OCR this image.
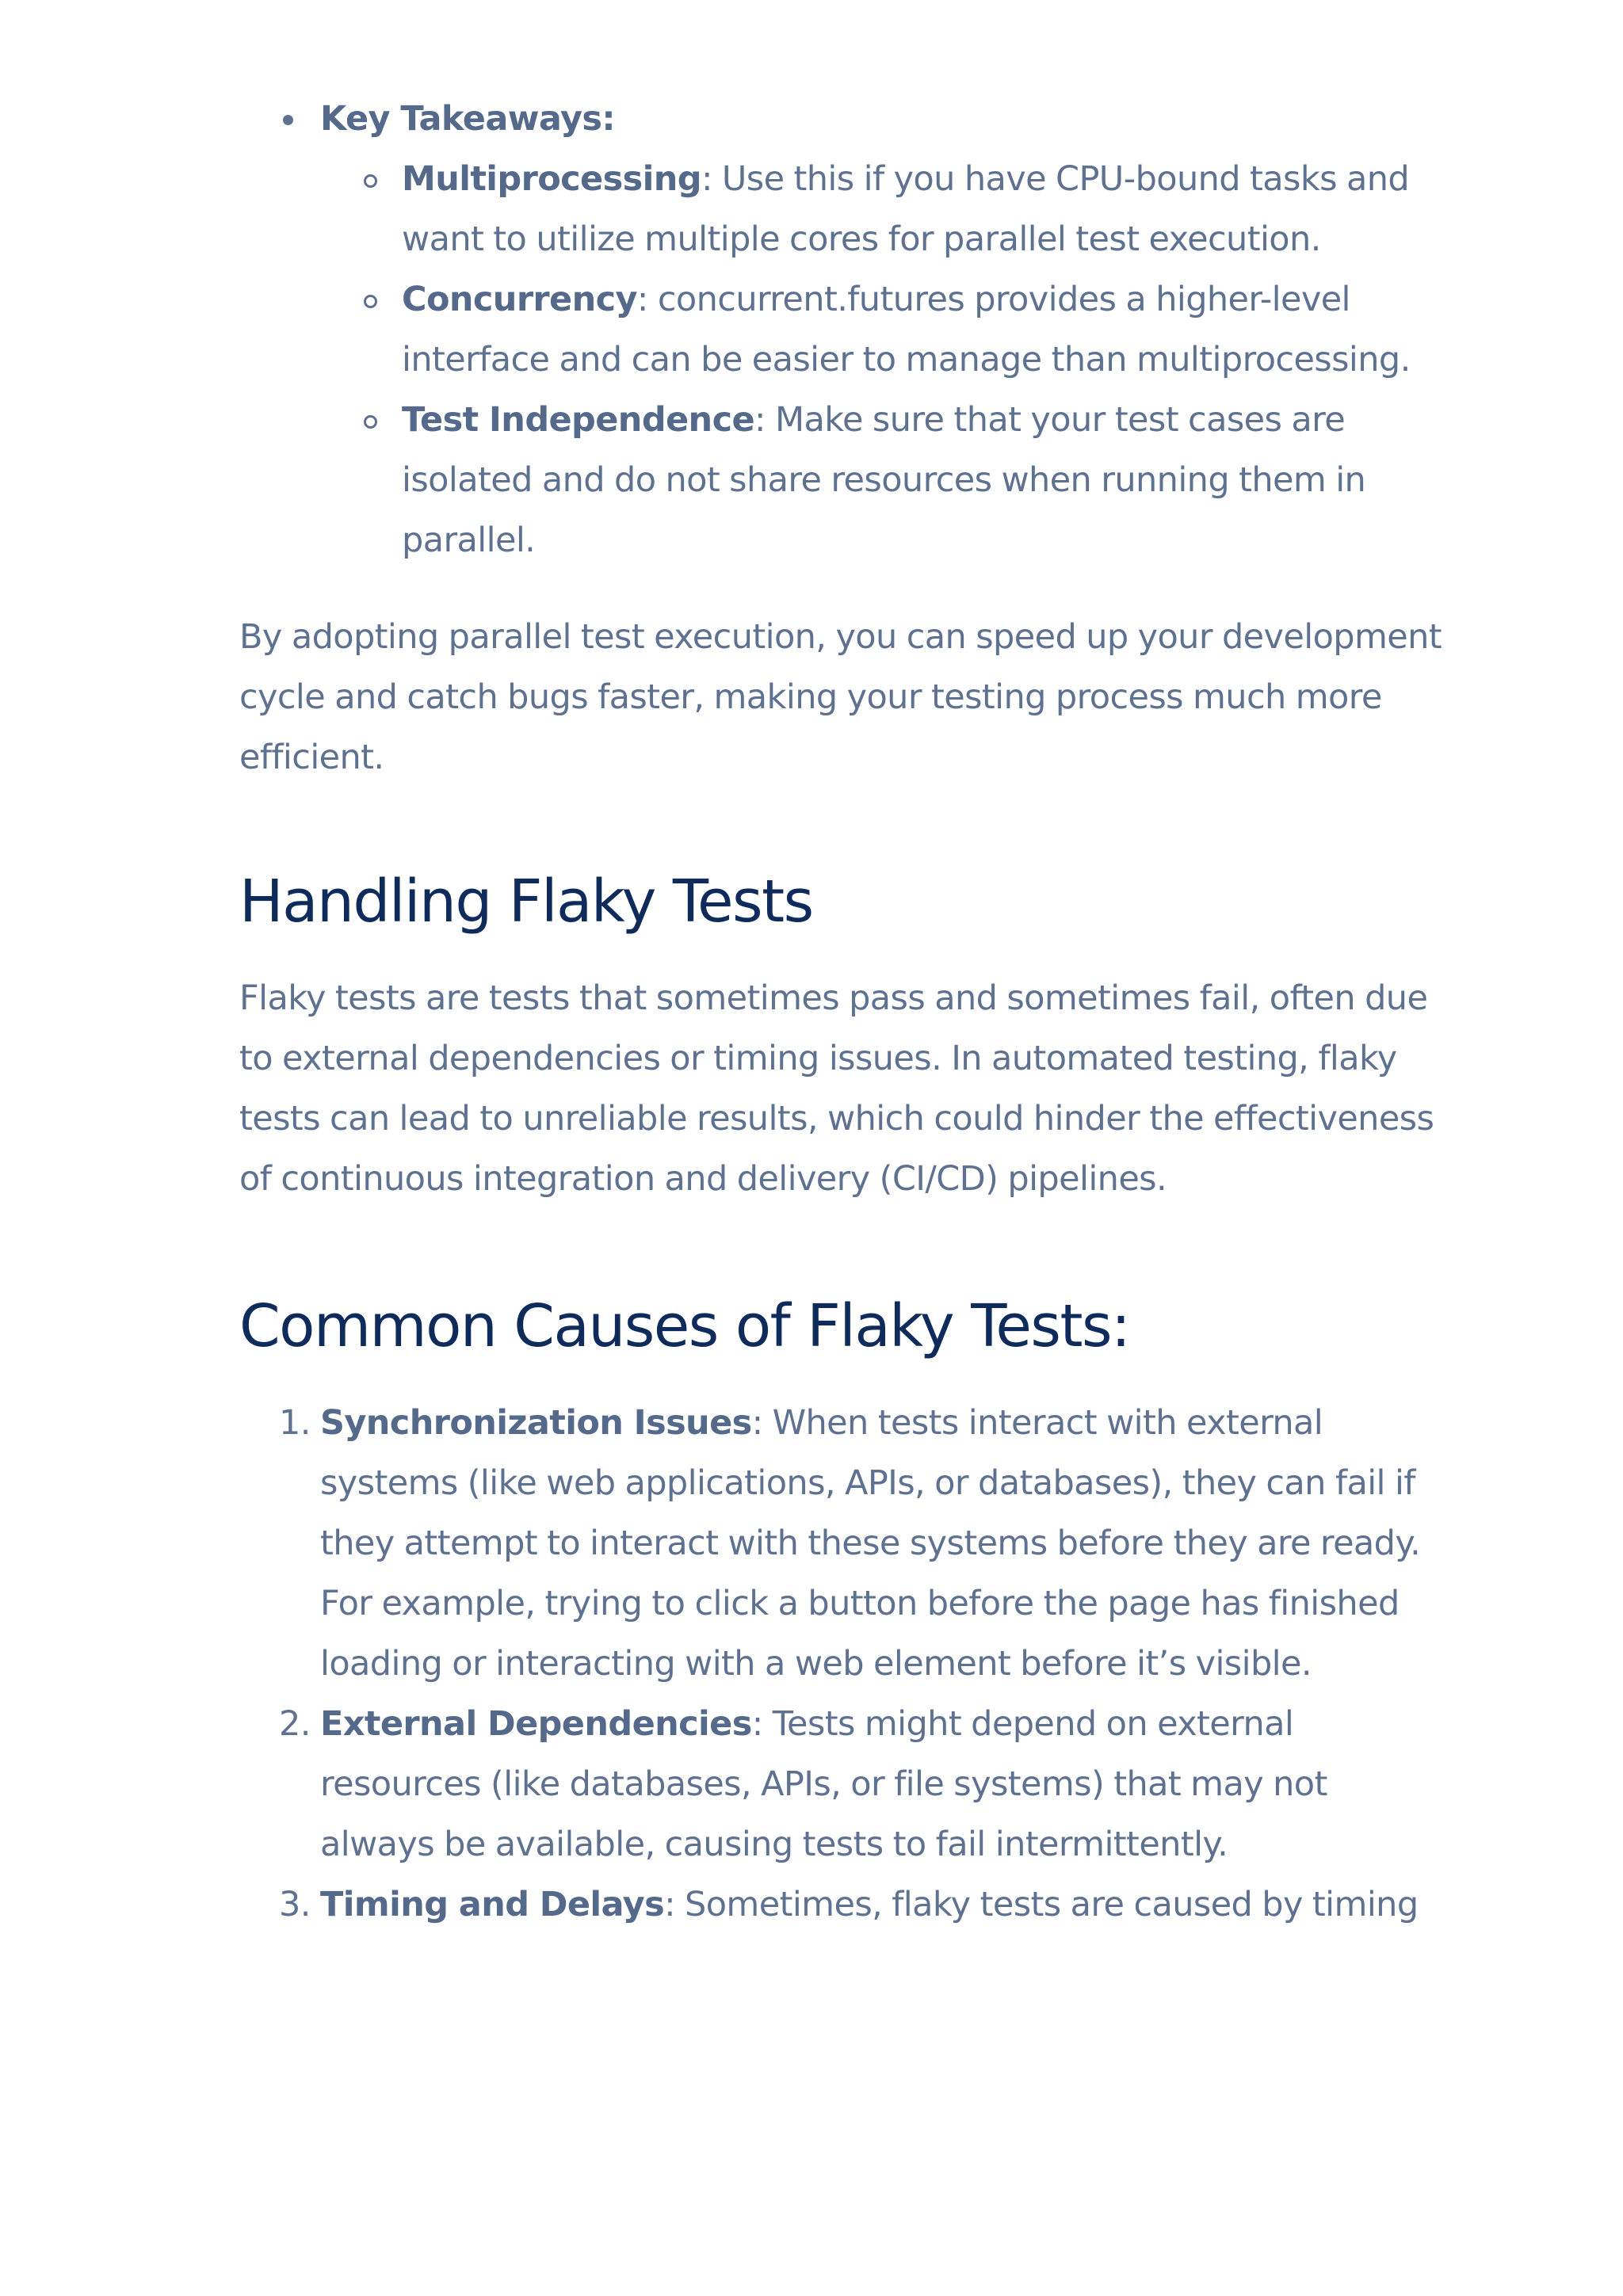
Key Takeaways:
Multiprocessing: Use this if you have CPU-bound tasks and want to utilize multiple cores for parallel test execution.
Concurrency: concurrent.futures provides a higher-level interface and can be easier to manage than multiprocessing.
Test Independence: Make sure that your test cases are isolated and do not share resources when running them in parallel.

By adopting parallel test execution, you can speed up your development cycle and catch bugs faster, making your testing process much more efficient.

Handling Flaky Tests

Flaky tests are tests that sometimes pass and sometimes fail, often due to external dependencies or timing issues. In automated testing, flaky tests can lead to unreliable results, which could hinder the effectiveness of continuous integration and delivery (CI/CD) pipelines.

Common Causes of Flaky Tests:
1. Synchronization Issues: When tests interact with external systems (like web applications, APIs, or databases), they can fail if they attempt to interact with these systems before they are ready. For example, trying to click a button before the page has finished loading or interacting with a web element before it’s visible.
2. External Dependencies: Tests might depend on external resources (like databases, APIs, or file systems) that may not always be available, causing tests to fail intermittently.
3. Timing and Delays: Sometimes, flaky tests are caused by timing
